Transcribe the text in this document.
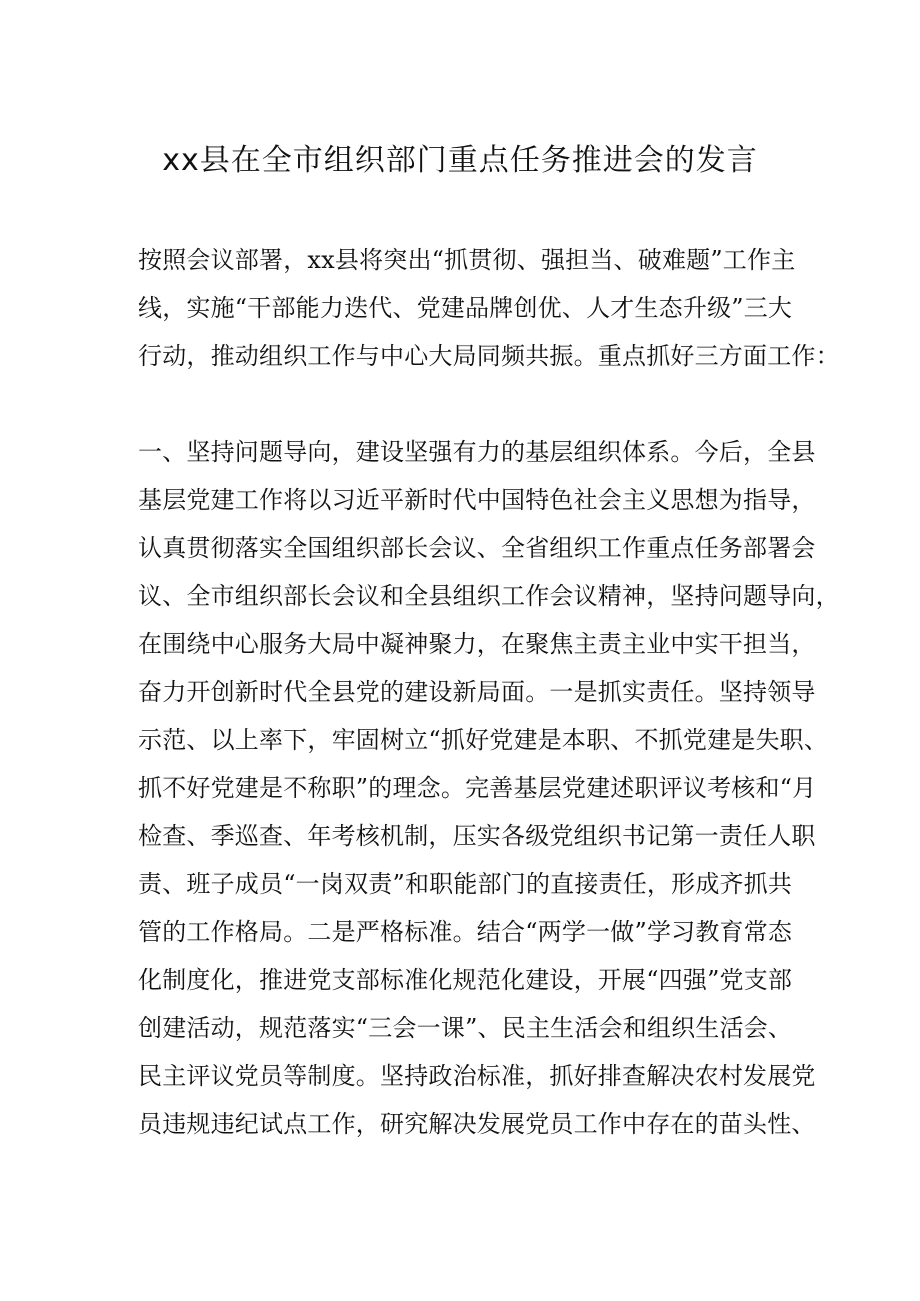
xx县在全市组织部门重点任务推进会的发言
按照会议部署，xx县将突出“抓贯彻、强担当、破难题”工作主
线，实施“干部能力迭代、党建品牌创优、人才生态升级”三大
行动，推动组织工作与中心大局同频共振。重点抓好三方面工作：
一、坚持问题导向，建设坚强有力的基层组织体系。今后，全县
基层党建工作将以习近平新时代中国特色社会主义思想为指导，
认真贯彻落实全国组织部长会议、全省组织工作重点任务部署会
议、全市组织部长会议和全县组织工作会议精神，坚持问题导向，
在围绕中心服务大局中凝神聚力，在聚焦主责主业中实干担当，
奋力开创新时代全县党的建设新局面。一是抓实责任。坚持领导
示范、以上率下，牢固树立“抓好党建是本职、不抓党建是失职、
抓不好党建是不称职”的理念。完善基层党建述职评议考核和“月
检查、季巡查、年考核机制，压实各级党组织书记第一责任人职
责、班子成员“一岗双责”和职能部门的直接责任，形成齐抓共
管的工作格局。二是严格标准。结合“两学一做”学习教育常态
化制度化，推进党支部标准化规范化建设，开展“四强”党支部
创建活动，规范落实“三会一课”、民主生活会和组织生活会、
民主评议党员等制度。坚持政治标准，抓好排查解决农村发展党
员违规违纪试点工作，研究解决发展党员工作中存在的苗头性、
